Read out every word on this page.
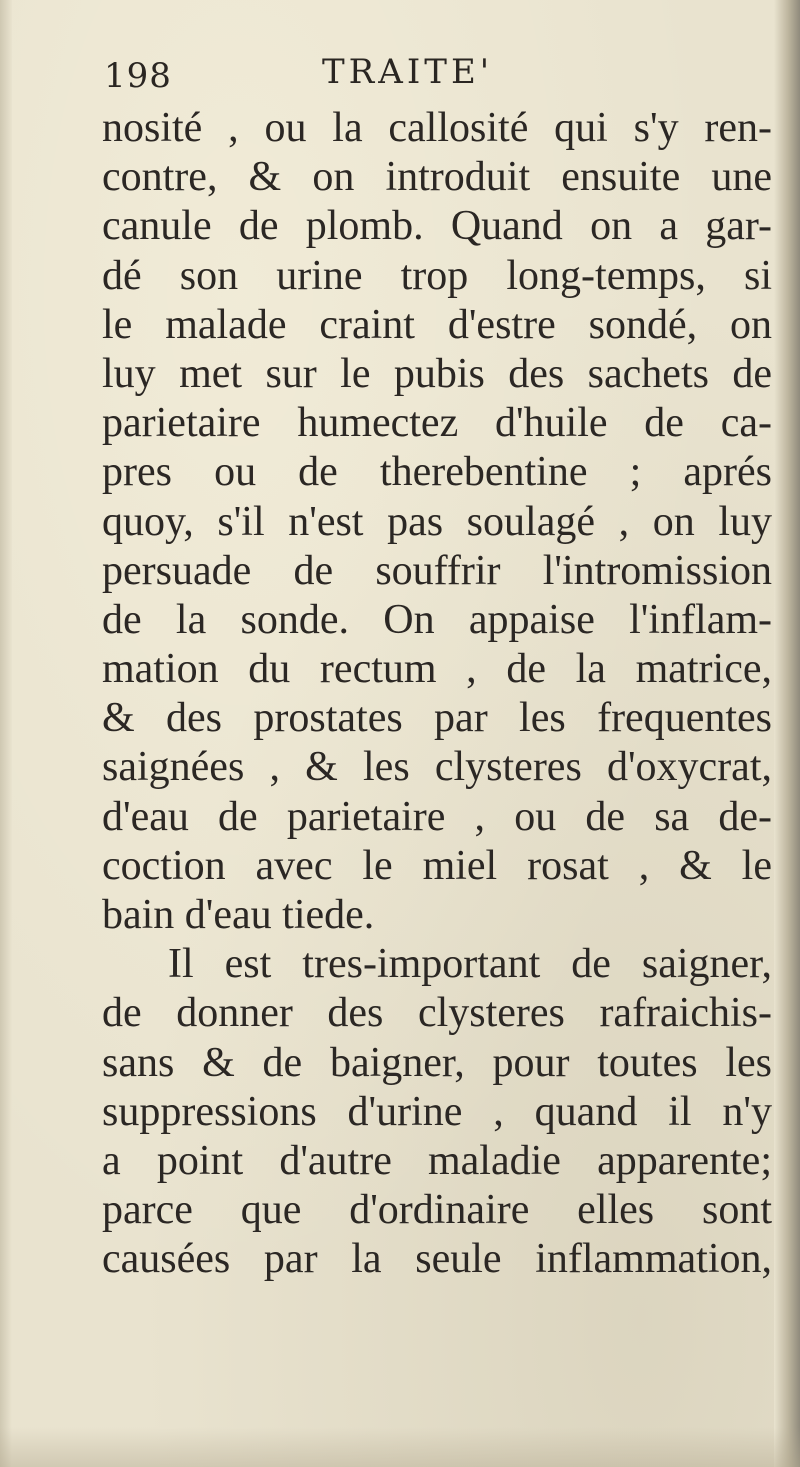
198	TRAITE'
nosité , ou la callosité qui s'y ren-
contre, & on introduit ensuite une
canule de plomb. Quand on a gar-
dé son urine trop long-temps, si
le malade craint d'estre sondé, on
luy met sur le pubis des sachets de
parietaire humectez d'huile de ca-
pres ou de therebentine ; aprés
quoy, s'il n'est pas soulagé , on luy
persuade de souffrir l'intromission
de la sonde. On appaise l'inflam-
mation du rectum , de la matrice,
& des prostates par les frequentes
saignées , & les clysteres d'oxycrat,
d'eau de parietaire , ou de sa de-
coction avec le miel rosat , & le
bain d'eau tiede.
Il est tres-important de saigner,
de donner des clysteres rafraichis-
sans & de baigner, pour toutes les
suppressions d'urine , quand il n'y
a point d'autre maladie apparente;
parce que d'ordinaire elles sont
causées par la seule inflammation,
